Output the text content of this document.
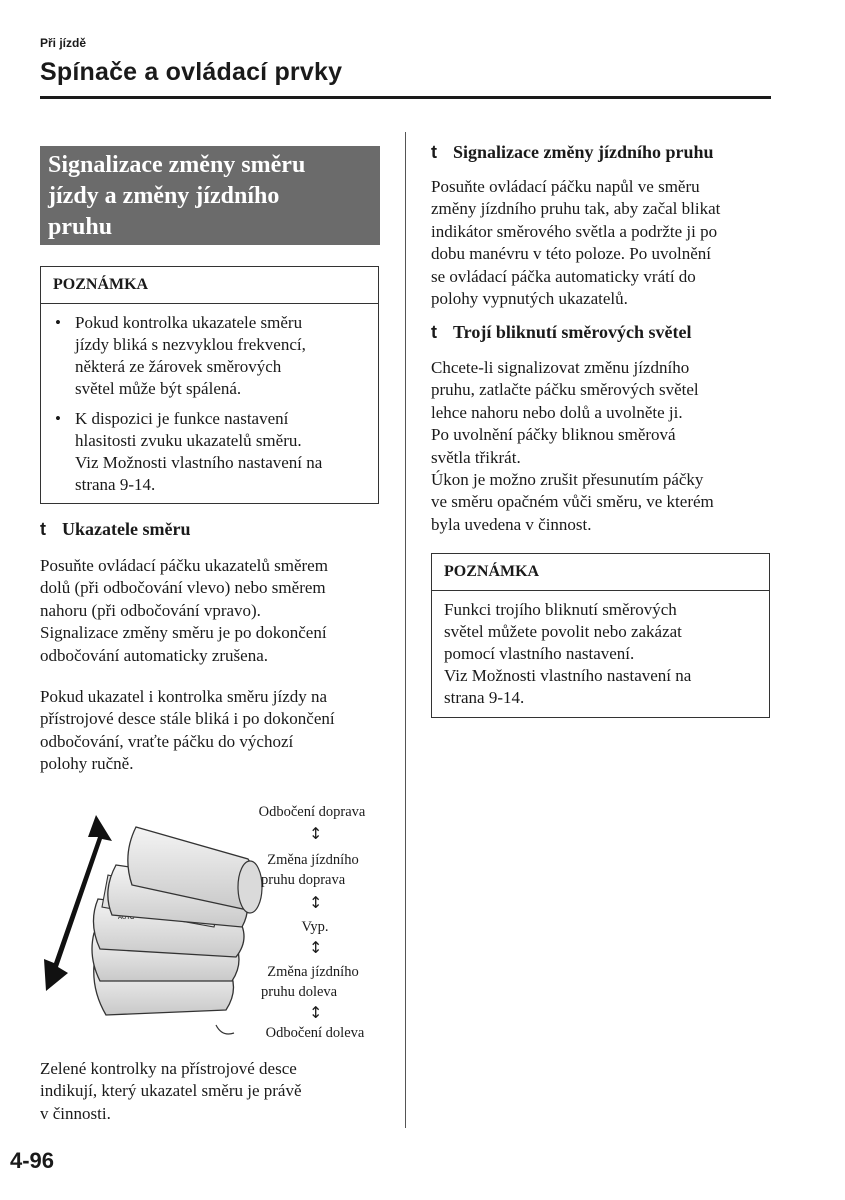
Při jízdě
Spínače a ovládací prvky
Signalizace změny směru
jízdy a změny jízdního
pruhu
POZNÁMKA
• Pokud kontrolka ukazatele směru
jízdy bliká s nezvyklou frekvencí,
některá ze žárovek směrových
světel může být spálená.
• K dispozici je funkce nastavení
hlasitosti zvuku ukazatelů směru.
Viz Možnosti vlastního nastavení na
strana 9-14.
t Ukazatele směru

Posuňte ovládací páčku ukazatelů směrem

dolů (při odbočování vlevo) nebo směrem

nahoru (při odbočování vpravo).

Signalizace změny směru je po dokončení

odbočování automaticky zrušena.

Pokud ukazatel i kontrolka směru jízdy na

přístrojové desce stále bliká i po dokončení

odbočování, vraťte páčku do výchozí

polohy ručně.

AUTO
Odbočení doprava
↕
Změna jízdního
pruhu doprava
↕
Vyp.
↕
Změna jízdního
pruhu doleva
↕
Odbočení doleva

Zelené kontrolky na přístrojové desce

indikují, který ukazatel směru je právě

v činnosti.

t Signalizace změny jízdního pruhu

Posuňte ovládací páčku napůl ve směru

změny jízdního pruhu tak, aby začal blikat

indikátor směrového světla a podržte ji po

dobu manévru v této poloze. Po uvolnění

se ovládací páčka automaticky vrátí do

polohy vypnutých ukazatelů.

t Trojí bliknutí směrových světel

Chcete-li signalizovat změnu jízdního

pruhu, zatlačte páčku směrových světel

lehce nahoru nebo dolů a uvolněte ji.

Po uvolnění páčky bliknou směrová

světla třikrát.

Úkon je možno zrušit přesunutím páčky

ve směru opačném vůči směru, ve kterém

byla uvedena v činnost.

POZNÁMKA
Funkci trojího bliknutí směrových
světel můžete povolit nebo zakázat
pomocí vlastního nastavení.
Viz Možnosti vlastního nastavení na
strana 9-14.
4-96
